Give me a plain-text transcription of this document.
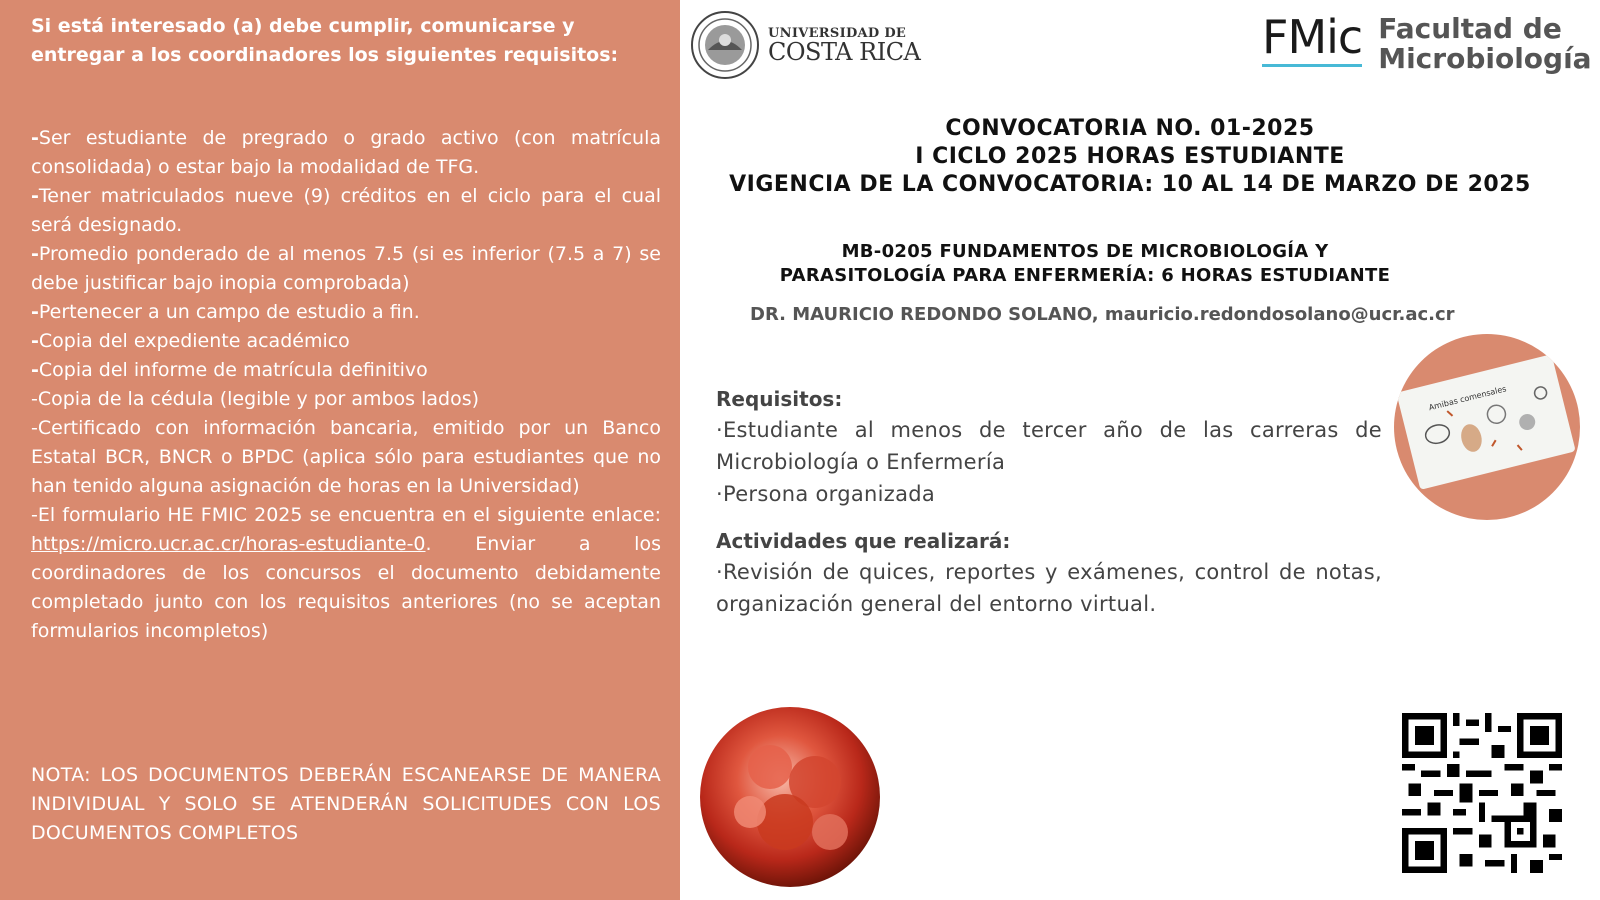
Si está interesado (a) debe cumplir, comunicarse y entregar a los coordinadores los siguientes requisitos:

-Ser estudiante de pregrado o grado activo (con matrícula consolidada) o estar bajo la modalidad de TFG.

-Tener matriculados nueve (9) créditos en el ciclo para el cual será designado.

-Promedio ponderado de al menos 7.5 (si es inferior (7.5 a 7) se debe justificar bajo inopia comprobada)

-Pertenecer a un campo de estudio a fin.

-Copia del expediente académico

-Copia del informe de matrícula definitivo

-Copia de la cédula (legible y por ambos lados)

-Certificado con información bancaria, emitido por un Banco Estatal BCR, BNCR o BPDC (aplica sólo para estudiantes que no han tenido alguna asignación de horas en la Universidad)

-El formulario HE FMIC 2025 se encuentra en el siguiente enlace: https://micro.ucr.ac.cr/horas-estudiante-0. Enviar a los coordinadores de los concursos el documento debidamente completado junto con los requisitos anteriores (no se aceptan formularios incompletos)

NOTA: LOS DOCUMENTOS DEBERÁN ESCANEARSE DE MANERA INDIVIDUAL Y SOLO SE ATENDERÁN SOLICITUDES CON LOS DOCUMENTOS COMPLETOS

UNIVERSIDAD DE
COSTA RICA	FMic Facultad de
Microbiología

CONVOCATORIA NO. 01-2025

I CICLO 2025 HORAS ESTUDIANTE

VIGENCIA DE LA CONVOCATORIA: 10 AL 14 DE MARZO DE 2025

MB-0205 FUNDAMENTOS DE MICROBIOLOGÍA Y

PARASITOLOGÍA PARA ENFERMERÍA: 6 HORAS ESTUDIANTE

DR. MAURICIO REDONDO SOLANO, mauricio.redondosolano@ucr.ac.cr

Requisitos:

·Estudiante al menos de tercer año de las carreras de Microbiología o Enfermería

·Persona organizada

Actividades que realizará:

·Revisión de quices, reportes y exámenes, control de notas, organización general del entorno virtual.

Amibas comensales
